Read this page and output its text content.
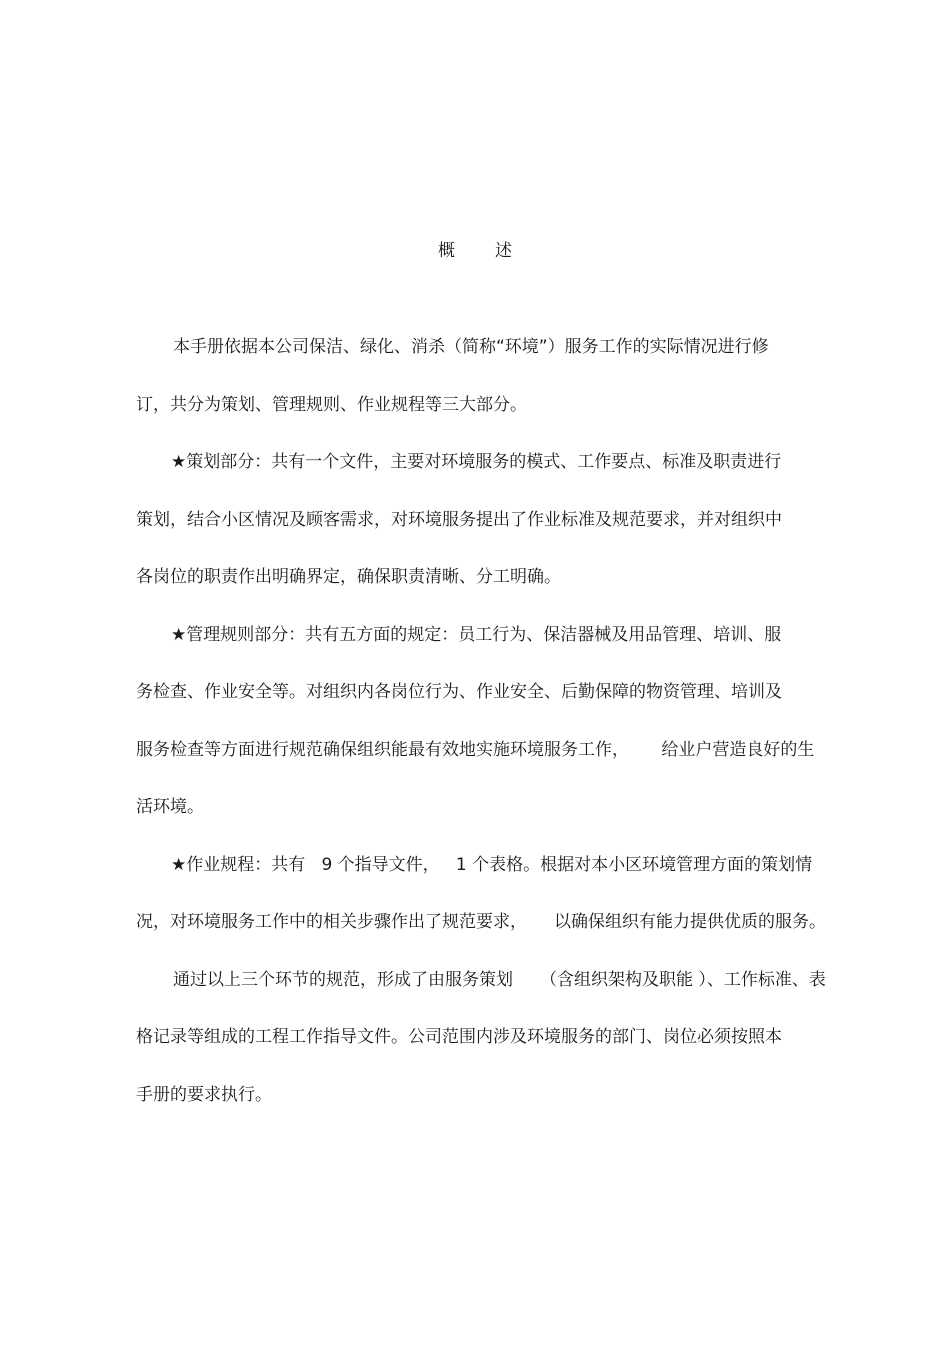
概 述
本手册依据本公司保洁、绿化、消杀（简称“环境”）服务工作的实际情况进行修
订，共分为策划、管理规则、作业规程等三大部分。
★策划部分：共有一个文件，主要对环境服务的模式、工作要点、标准及职责进行
策划，结合小区情况及顾客需求，对环境服务提出了作业标准及规范要求，并对组织中
各岗位的职责作出明确界定，确保职责清晰、分工明确。
★管理规则部分：共有五方面的规定：员工行为、保洁器械及用品管理、培训、服
务检查、作业安全等。对组织内各岗位行为、作业安全、后勤保障的物资管理、培训及
服务检查等方面进行规范确保组织能最有效地实施环境服务工作，      给业户营造良好的生
活环境。
★作业规程：共有   9 个指导文件，   1 个表格。根据对本小区环境管理方面的策划情
况，对环境服务工作中的相关步骤作出了规范要求，     以确保组织有能力提供优质的服务。
通过以上三个环节的规范，形成了由服务策划     （含组织架构及职能 ）、工作标准、表
格记录等组成的工程工作指导文件。公司范围内涉及环境服务的部门、岗位必须按照本
手册的要求执行。
